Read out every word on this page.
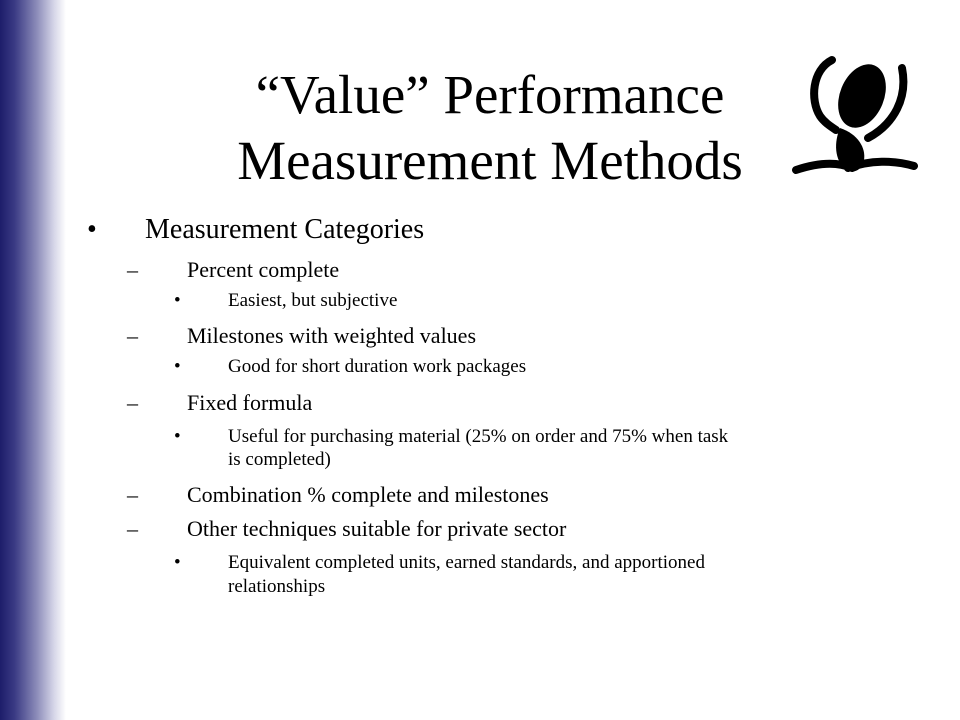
“Value” Performance
Measurement Methods
• Measurement Categories
– Percent complete
• Easiest, but subjective
– Milestones with weighted values
• Good for short duration work packages
– Fixed formula
• Useful for purchasing material (25% on order and 75% when task
is completed)
– Combination % complete and milestones
– Other techniques suitable for private sector
• Equivalent completed units, earned standards, and apportioned
relationships
